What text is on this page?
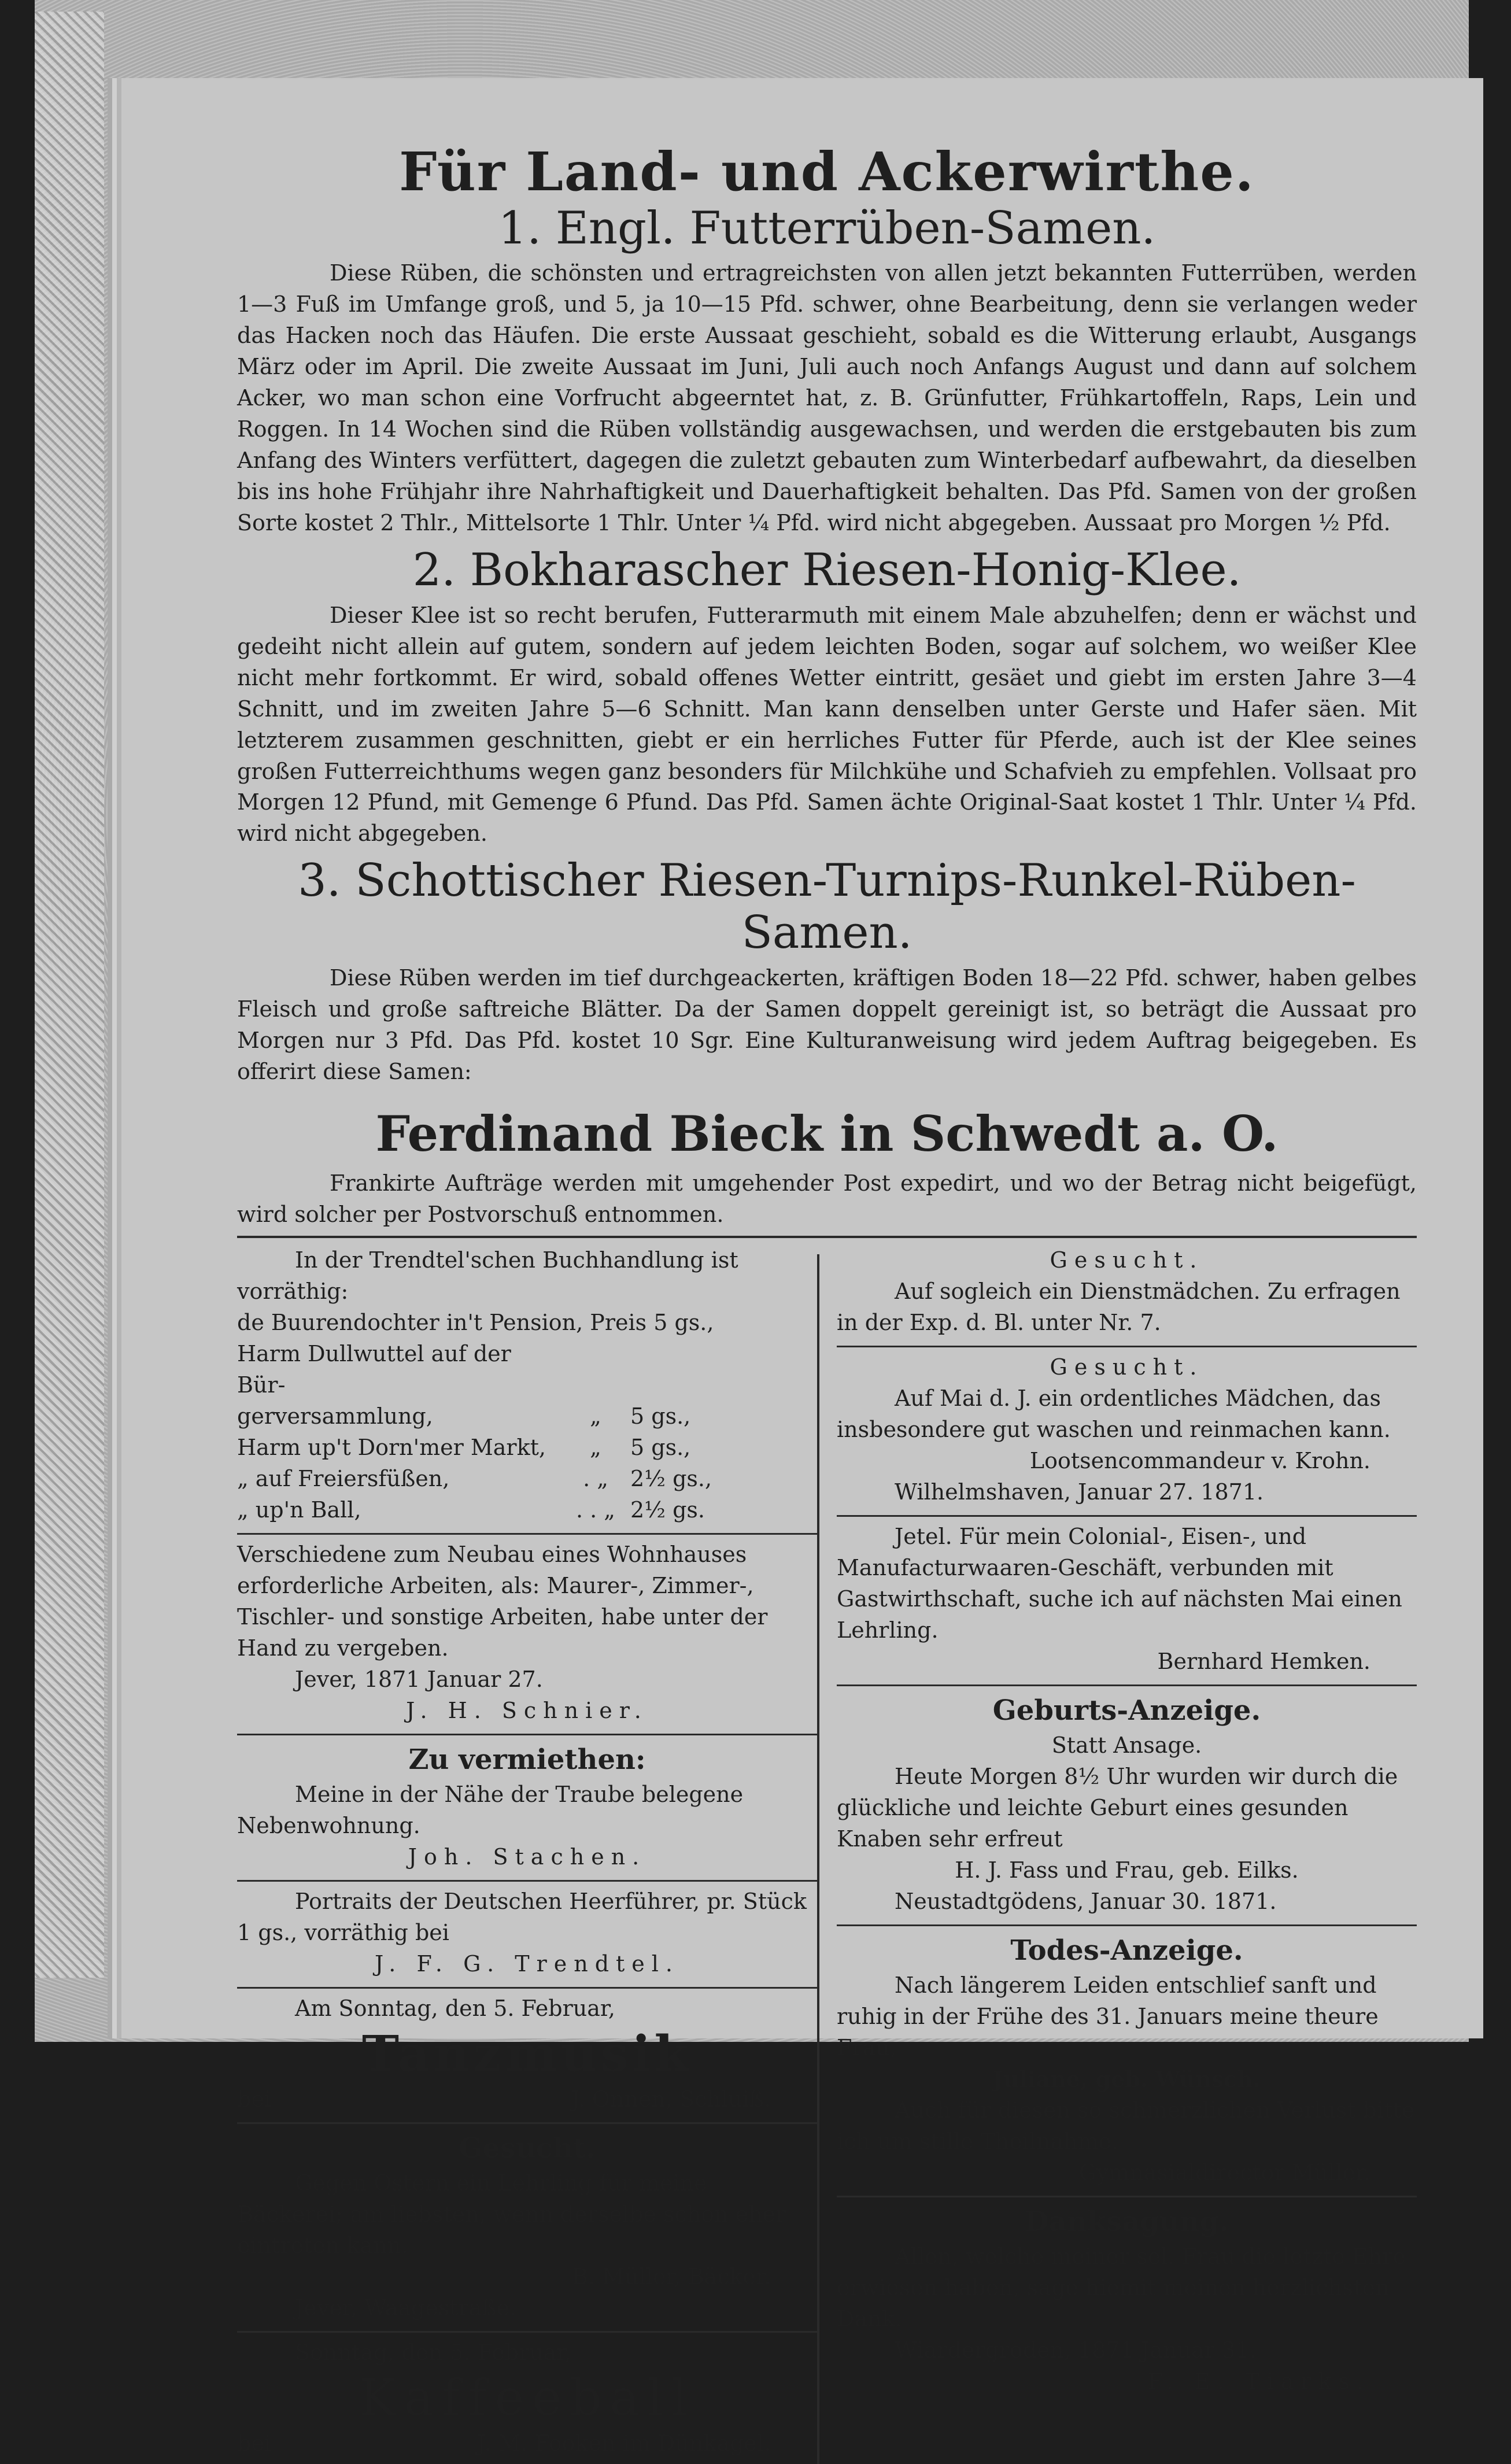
Für Land- und Ackerwirthe.
1. Engl. Futterrüben-Samen.

Diese Rüben, die schönsten und ertragreichsten von allen jetzt bekannten Futterrüben, werden 1—3 Fuß im Umfange groß, und 5, ja 10—15 Pfd. schwer, ohne Bearbeitung, denn sie verlangen weder das Hacken noch das Häufen. Die erste Aussaat geschieht, sobald es die Witterung erlaubt, Ausgangs März oder im April. Die zweite Aussaat im Juni, Juli auch noch Anfangs August und dann auf solchem Acker, wo man schon eine Vorfrucht abgeerntet hat, z. B. Grünfutter, Frühkartoffeln, Raps, Lein und Roggen. In 14 Wochen sind die Rüben vollständig ausgewachsen, und werden die erstgebauten bis zum Anfang des Winters verfüttert, dagegen die zuletzt gebauten zum Winterbedarf aufbewahrt, da dieselben bis ins hohe Frühjahr ihre Nahrhaftigkeit und Dauerhaftigkeit behalten. Das Pfd. Samen von der großen Sorte kostet 2 Thlr., Mittelsorte 1 Thlr. Unter ¼ Pfd. wird nicht abgegeben. Aussaat pro Morgen ½ Pfd.

2. Bokharascher Riesen-Honig-Klee.

Dieser Klee ist so recht berufen, Futterarmuth mit einem Male abzuhelfen; denn er wächst und gedeiht nicht allein auf gutem, sondern auf jedem leichten Boden, sogar auf solchem, wo weißer Klee nicht mehr fortkommt. Er wird, sobald offenes Wetter eintritt, gesäet und giebt im ersten Jahre 3—4 Schnitt, und im zweiten Jahre 5—6 Schnitt. Man kann denselben unter Gerste und Hafer säen. Mit letzterem zusammen geschnitten, giebt er ein herrliches Futter für Pferde, auch ist der Klee seines großen Futterreichthums wegen ganz besonders für Milchkühe und Schafvieh zu empfehlen. Vollsaat pro Morgen 12 Pfund, mit Gemenge 6 Pfund. Das Pfd. Samen ächte Original-Saat kostet 1 Thlr. Unter ¼ Pfd. wird nicht abgegeben.

3. Schottischer Riesen-Turnips-Runkel-Rüben-Samen.

Diese Rüben werden im tief durchgeackerten, kräftigen Boden 18—22 Pfd. schwer, haben gelbes Fleisch und große saftreiche Blätter. Da der Samen doppelt gereinigt ist, so beträgt die Aussaat pro Morgen nur 3 Pfd. Das Pfd. kostet 10 Sgr. Eine Kulturanweisung wird jedem Auftrag beigegeben. Es offerirt diese Samen:

Ferdinand Bieck in Schwedt a. O.

Frankirte Aufträge werden mit umgehender Post expedirt, und wo der Betrag nicht beigefügt, wird solcher per Postvorschuß entnommen.

In der Trendtel'schen Buchhandlung ist vorräthig:

de Buurendochter in't Pension, Preis 5 gs.,

Harm Dullwuttel auf der Bür-
gerversammlung,	„	5 gs.,
Harm up't Dorn'mer Markt,	„	5 gs.,
„ auf Freiersfüßen,	. „	2½ gs.,
„ up'n Ball,	. . „ 2½ gs.

Verschiedene zum Neubau eines Wohnhauses erforderliche Arbeiten, als: Maurer-, Zimmer-, Tischler- und sonstige Arbeiten, habe unter der Hand zu vergeben.

Jever, 1871 Januar 27.

J. H. Schnier.

Zu vermiethen:

Meine in der Nähe der Traube belegene Nebenwohnung.

Joh. Stachen.

Portraits der Deutschen Heerführer, pr. Stück 1 gs., vorräthig bei

J. F. G. Trendtel.

Am Sonntag, den 5. Februar,

Tanzmusik

bei	J. Onnen, Schluiß.

Gesucht.

Gegen Ostern ein Lehrling für meine Bäckerei; am liebsten, wenn derselbe schon eher eintreten kann.

B. Müller, Bäcker.

Jever, Waagestraße.

Sonntag, den 5. Februar,

Kaffeeball

bei	J. M. Fooken im Dünkagel.

Gesucht.

Auf sogleich ein Dienstmädchen. Zu erfragen in der Exp. d. Bl. unter Nr. 7.

Gesucht.

Auf Mai d. J. ein ordentliches Mädchen, das insbesondere gut waschen und reinmachen kann.

Lootsencommandeur v. Krohn.

Wilhelmshaven, Januar 27. 1871.

Jetel. Für mein Colonial-, Eisen-, und Manufacturwaaren-Geschäft, verbunden mit Gastwirthschaft, suche ich auf nächsten Mai einen Lehrling.

Bernhard Hemken.

Geburts-Anzeige.

Statt Ansage.

Heute Morgen 8½ Uhr wurden wir durch die glückliche und leichte Geburt eines gesunden Knaben sehr erfreut

H. J. Fass und Frau, geb. Eilks.

Neustadtgödens, Januar 30. 1871.

Todes-Anzeige.

Nach längerem Leiden entschlief sanft und ruhig in der Frühe des 31. Januars meine theure Frau,

Juliane, geb. Wünsch.

Auch für diesen so schmerzlichen Verlust bitte ich um stille Theilnahme.

Gymnasialdirector Müller.

Danksagung.

Allen, welche meiner sel. Frau die letzte Ehre erwiesen haben, sage hiemit meinen herzlichsten Dank.

Wiardergroden, 1871 Januar 31.

F. E. Tiarks.
